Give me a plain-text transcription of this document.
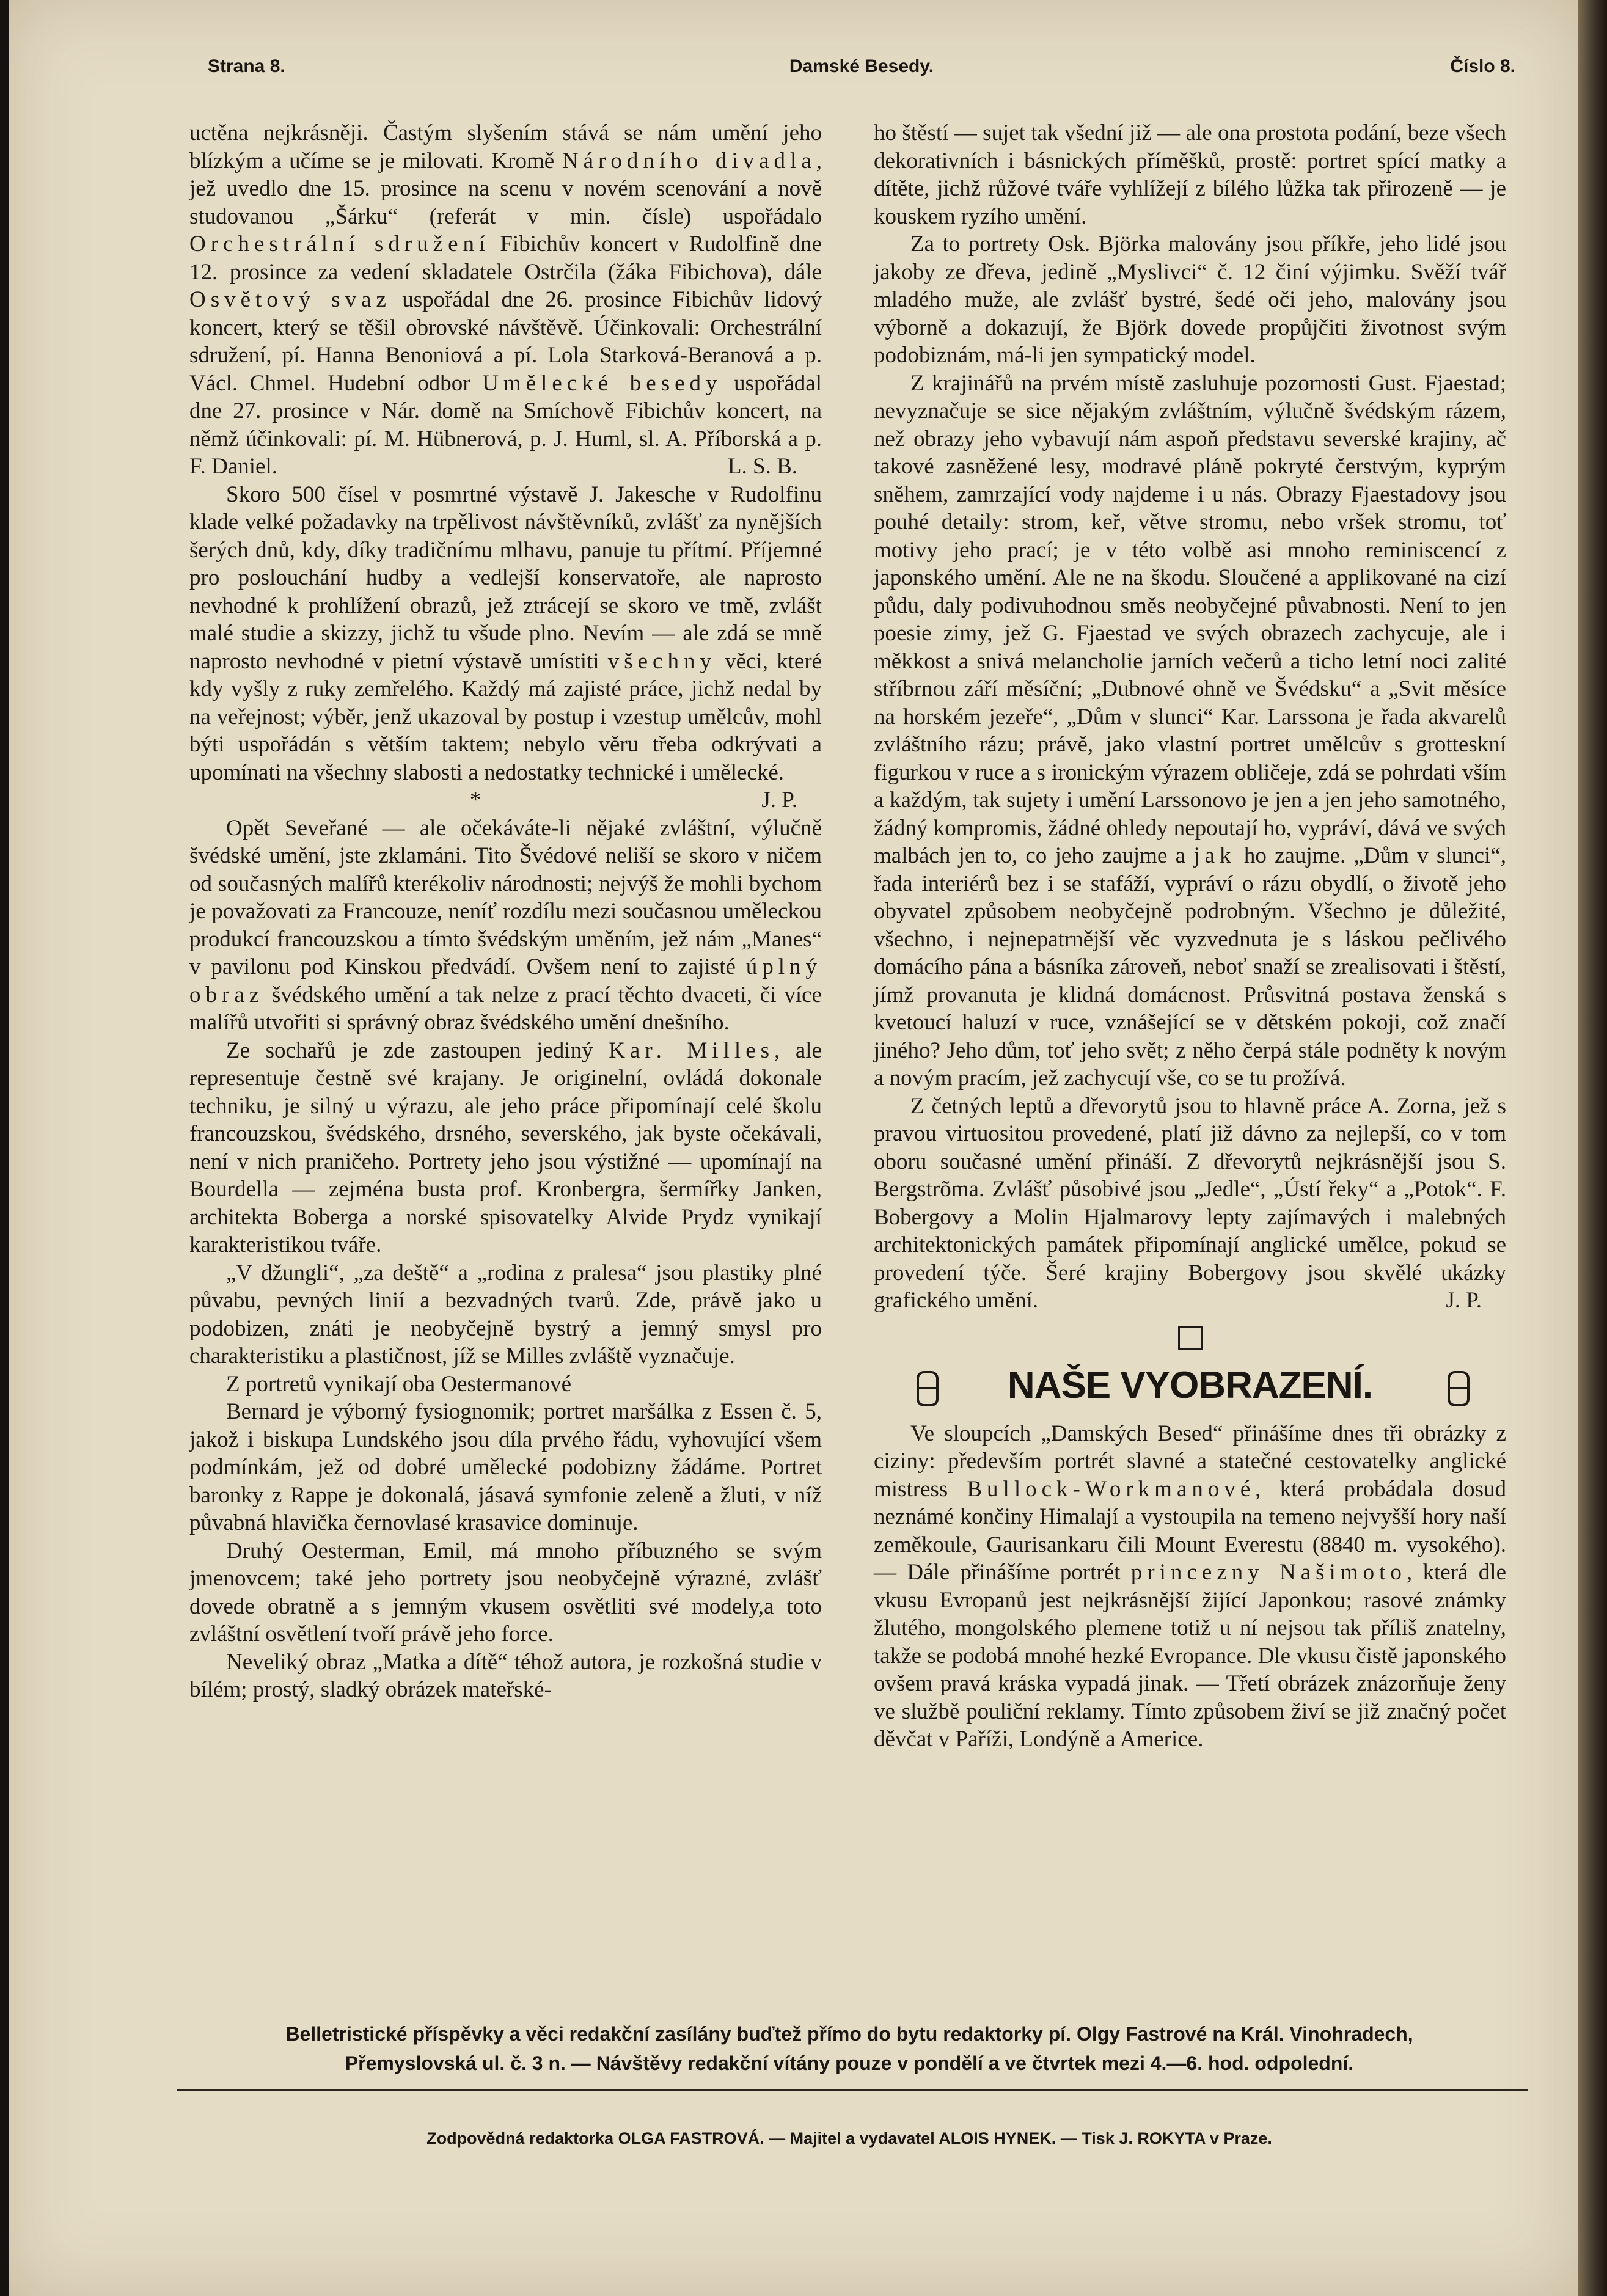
Strana 8.	Damské Besedy.	Číslo 8.

uctěna nejkrásněji. Častým slyšením stává se nám umění jeho blízkým a učíme se je milovati. Kromě Národního divadla, jež uvedlo dne 15. prosince na scenu v novém scenování a nově studovanou „Šárku“ (referát v min. čísle) uspořádalo Orchestrální sdružení Fibichův koncert v Rudolfině dne 12. prosince za vedení skladatele Ostrčila (žáka Fibichova), dále Osvětový svaz uspořádal dne 26. prosince Fibichův lidový koncert, který se těšil obrovské návštěvě. Účinkovali: Orchestrální sdružení, pí. Hanna Benoniová a pí. Lola Starková-Beranová a p. Václ. Chmel. Hudební odbor Umělecké besedy uspořádal dne 27. prosince v Nár. domě na Smíchově Fibichův koncert, na němž účinkovali: pí. M. Hübnerová, p. J. Huml, sl. A. Příborská a p. F. Daniel.	L. S. B.

Skoro 500 čísel v posmrtné výstavě J. Jakesche v Rudolfinu klade velké požadavky na trpělivost návštěvníků, zvlášť za nynějších šerých dnů, kdy, díky tradičnímu mlhavu, panuje tu přítmí. Příjemné pro poslouchání hudby a vedlejší konservatoře, ale naprosto nevhodné k prohlížení obrazů, jež ztrácejí se skoro ve tmě, zvlášt malé studie a skizzy, jichž tu všude plno. Nevím — ale zdá se mně naprosto nevhodné v pietní výstavě umístiti všechny věci, které kdy vyšly z ruky zemřelého. Každý má zajisté práce, jichž nedal by na veřejnost; výběr, jenž ukazoval by postup i vzestup umělcův, mohl býti uspořádán s větším taktem; nebylo věru třeba odkrývati a upomínati na všechny slabosti a nedostatky technické i umělecké.
J. P.

*

Opět Seveřané — ale očekáváte-li nějaké zvláštní, výlučně švédské umění, jste zklamáni. Tito Švédové neliší se skoro v ničem od současných malířů kterékoliv národnosti; nejvýš že mohli bychom je považovati za Francouze, neníť rozdílu mezi současnou uměleckou produkcí francouzskou a tímto švédským uměním, jež nám „Manes“ v pavilonu pod Kinskou předvádí. Ovšem není to zajisté úplný obraz švédského umění a tak nelze z prací těchto dvaceti, či více malířů utvořiti si správný obraz švédského umění dnešního.

Ze sochařů je zde zastoupen jediný Kar. Milles, ale representuje čestně své krajany. Je originelní, ovládá dokonale techniku, je silný u výrazu, ale jeho práce připomínají celé školu francouzskou, švédského, drsného, severského, jak byste očekávali, není v nich praničeho. Portrety jeho jsou výstižné — upomínají na Bourdella — zejména busta prof. Kronbergra, šermířky Janken, architekta Boberga a norské spisovatelky Alvide Prydz vynikají karakteristikou tváře.

„V džungli“, „za deště“ a „rodina z pralesa“ jsou plastiky plné půvabu, pevných linií a bezvadných tvarů. Zde, právě jako u podobizen, znáti je neobyčejně bystrý a jemný smysl pro charakteristiku a plastičnost, jíž se Milles zvláště vyznačuje.

Z portretů vynikají oba Oestermanové

Bernard je výborný fysiognomik; portret maršálka z Essen č. 5, jakož i biskupa Lundského jsou díla prvého řádu, vyhovující všem podmínkám, jež od dobré umělecké podobizny žádáme. Portret baronky z Rappe je dokonalá, jásavá symfonie zeleně a žluti, v níž půvabná hlavička černovlasé krasavice dominuje.

Druhý Oesterman, Emil, má mnoho příbuzného se svým jmenovcem; také jeho portrety jsou neobyčejně výrazné, zvlášť dovede obratně a s jemným vkusem osvětliti své modely,a toto zvláštní osvětlení tvoří právě jeho force.

Neveliký obraz „Matka a dítě“ téhož autora, je rozkošná studie v bílém; prostý, sladký obrázek mateřské-

ho štěstí — sujet tak všední již — ale ona prostota podání, beze všech dekorativních i básnických příměšků, prostě: portret spící matky a dítěte, jichž růžové tváře vyhlížejí z bílého lůžka tak přirozeně — je kouskem ryzího umění.

Za to portrety Osk. Björka malovány jsou příkře, jeho lidé jsou jakoby ze dřeva, jedině „Myslivci“ č. 12 činí výjimku. Svěží tvář mladého muže, ale zvlášť bystré, šedé oči jeho, malovány jsou výborně a dokazují, že Björk dovede propůjčiti životnost svým podobiznám, má-li jen sympatický model.

Z krajinářů na prvém místě zasluhuje pozornosti Gust. Fjaestad; nevyznačuje se sice nějakým zvláštním, výlučně švédským rázem, než obrazy jeho vybavují nám aspoň představu severské krajiny, ač takové zasněžené lesy, modravé pláně pokryté čerstvým, kyprým sněhem, zamrzající vody najdeme i u nás. Obrazy Fjaestadovy jsou pouhé detaily: strom, keř, větve stromu, nebo vršek stromu, toť motivy jeho prací; je v této volbě asi mnoho reminiscencí z japonského umění. Ale ne na škodu. Sloučené a applikované na cizí půdu, daly podivuhodnou směs neobyčejné půvabnosti. Není to jen poesie zimy, jež G. Fjaestad ve svých obrazech zachycuje, ale i měkkost a snivá melancholie jarních večerů a ticho letní noci zalité stříbrnou září měsíční; „Dubnové ohně ve Švédsku“ a „Svit měsíce na horském jezeře“, „Dům v slunci“ Kar. Larssona je řada akvarelů zvláštního rázu; právě, jako vlastní portret umělcův s grotteskní figurkou v ruce a s ironickým výrazem obličeje, zdá se pohrdati vším a každým, tak sujety i umění Larssonovo je jen a jen jeho samotného, žádný kompromis, žádné ohledy nepoutají ho, vypráví, dává ve svých malbách jen to, co jeho zaujme a jak ho zaujme. „Dům v slunci“, řada interiérů bez i se stafáží, vypráví o rázu obydlí, o životě jeho obyvatel způsobem neobyčejně podrobným. Všechno je důležité, všechno, i nejnepatrnější věc vyzvednuta je s láskou pečlivého domácího pána a básníka zároveň, neboť snaží se zrealisovati i štěstí, jímž provanuta je klidná domácnost. Průsvitná postava ženská s kvetoucí haluzí v ruce, vznášející se v dětském pokoji, což značí jiného? Jeho dům, toť jeho svět; z něho čerpá stále podněty k novým a novým pracím, jež zachycují vše, co se tu prožívá.

Z četných leptů a dřevorytů jsou to hlavně práce A. Zorna, jež s pravou virtuositou provedené, platí již dávno za nejlepší, co v tom oboru současné umění přináší. Z dřevorytů nejkrásnější jsou S. Bergstrõma. Zvlášť působivé jsou „Jedle“, „Ústí řeky“ a „Potok“. F. Bobergovy a Molin Hjalmarovy lepty zajímavých i malebných architektonických památek připomínají anglické umělce, pokud se provedení týče. Šeré krajiny Bobergovy jsou skvělé ukázky grafického umění.	J. P.

NAŠE VYOBRAZENÍ.

Ve sloupcích „Damských Besed“ přinášíme dnes tři obrázky z ciziny: především portrét slavné a statečné cestovatelky anglické mistress Bullock-Workmanové, která probádala dosud neznámé končiny Himalají a vystoupila na temeno nejvyšší hory naší zeměkoule, Gaurisankaru čili Mount Everestu (8840 m. vysokého). — Dále přinášíme portrét princezny Našimoto, která dle vkusu Evropanů jest nejkrásnější žijící Japonkou; rasové známky žlutého, mongolského plemene totiž u ní nejsou tak příliš znatelny, takže se podobá mnohé hezké Evropance. Dle vkusu čistě japonského ovšem pravá kráska vypadá jinak. — Třetí obrázek znázorňuje ženy ve službě pouliční reklamy. Tímto způsobem živí se již značný počet děvčat v Paříži, Londýně a Americe.

Belletristické příspěvky a věci redakční zasílány buďtež přímo do bytu redaktorky pí. Olgy Fastrové na Král. Vinohradech,
Přemyslovská ul. č. 3 n. — Návštěvy redakční vítány pouze v pondělí a ve čtvrtek mezi 4.—6. hod. odpolední.
Zodpovědná redaktorka OLGA FASTROVÁ. — Majitel a vydavatel ALOIS HYNEK. — Tisk J. ROKYTA v Praze.
